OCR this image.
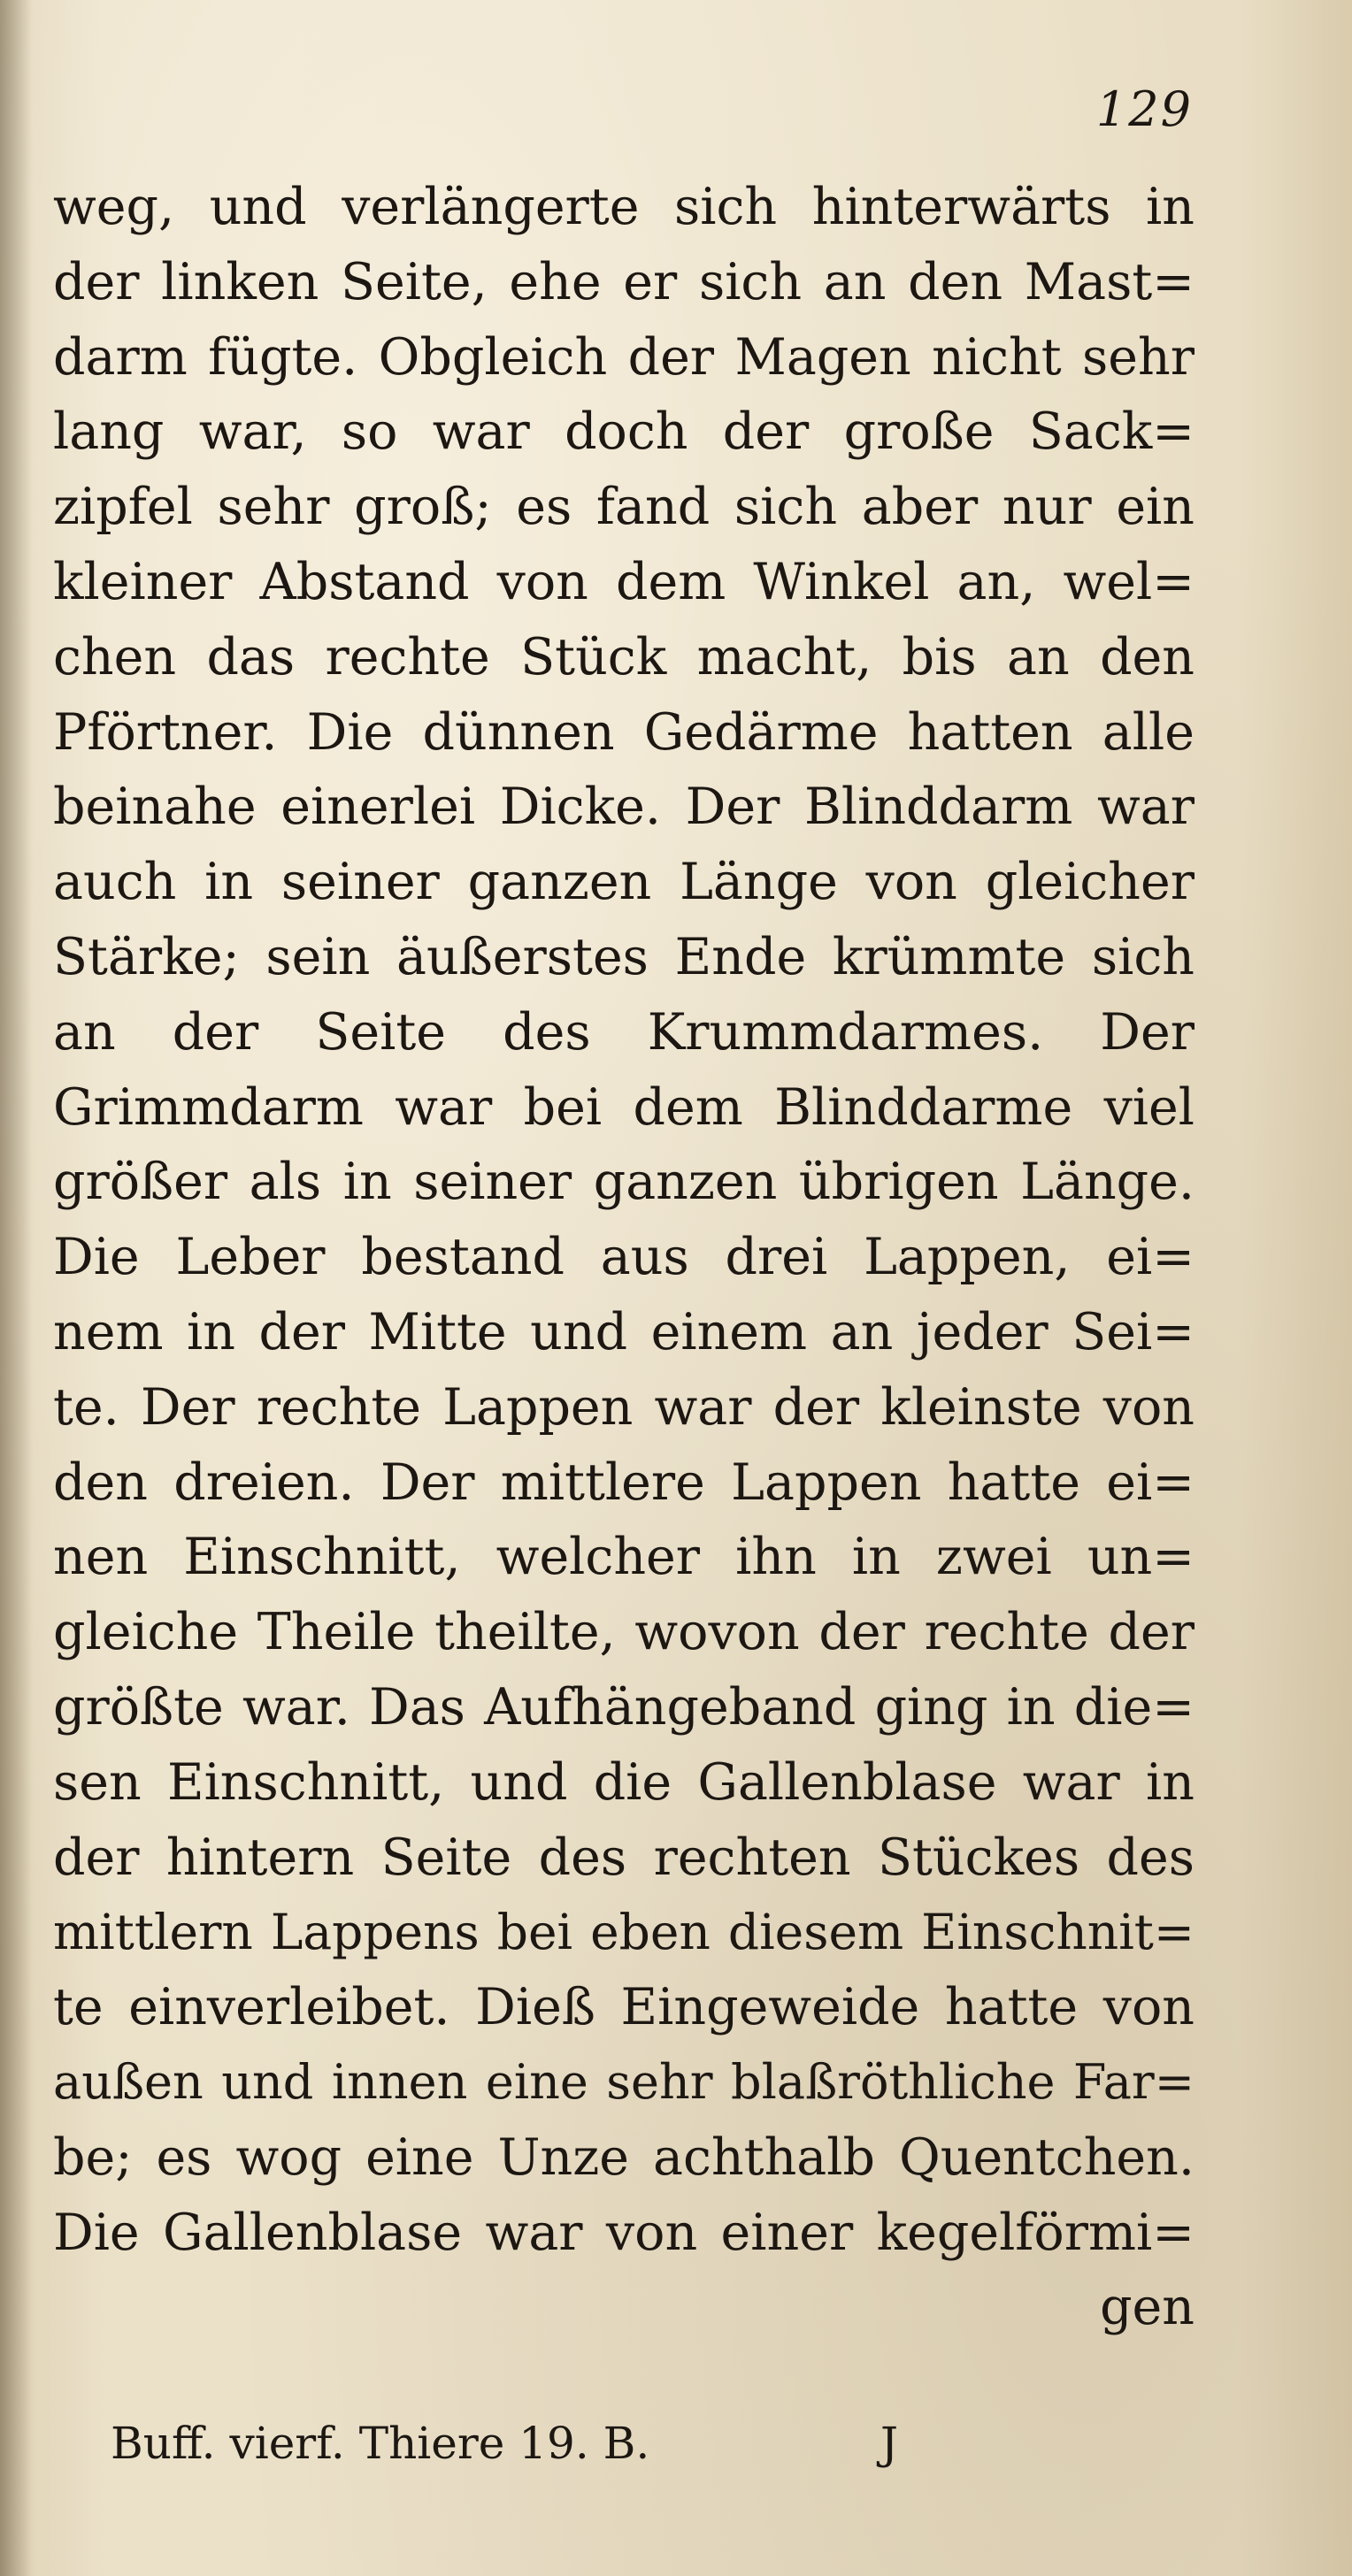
129
weg, und verlängerte sich hinterwärts in
der linken Seite, ehe er sich an den Mast=
darm fügte. Obgleich der Magen nicht sehr
lang war, so war doch der große Sack=
zipfel sehr groß; es fand sich aber nur ein
kleiner Abstand von dem Winkel an, wel=
chen das rechte Stück macht, bis an den
Pförtner. Die dünnen Gedärme hatten alle
beinahe einerlei Dicke. Der Blinddarm war
auch in seiner ganzen Länge von gleicher
Stärke; sein äußerstes Ende krümmte sich
an der Seite des Krummdarmes. Der
Grimmdarm war bei dem Blinddarme viel
größer als in seiner ganzen übrigen Länge.
Die Leber bestand aus drei Lappen, ei=
nem in der Mitte und einem an jeder Sei=
te. Der rechte Lappen war der kleinste von
den dreien. Der mittlere Lappen hatte ei=
nen Einschnitt, welcher ihn in zwei un=
gleiche Theile theilte, wovon der rechte der
größte war. Das Aufhängeband ging in die=
sen Einschnitt, und die Gallenblase war in
der hintern Seite des rechten Stückes des
mittlern Lappens bei eben diesem Einschnit=
te einverleibet. Dieß Eingeweide hatte von
außen und innen eine sehr blaßröthliche Far=
be; es wog eine Unze achthalb Quentchen.
Die Gallenblase war von einer kegelförmi=
gen
Buff. vierf. Thiere 19. B.	J
